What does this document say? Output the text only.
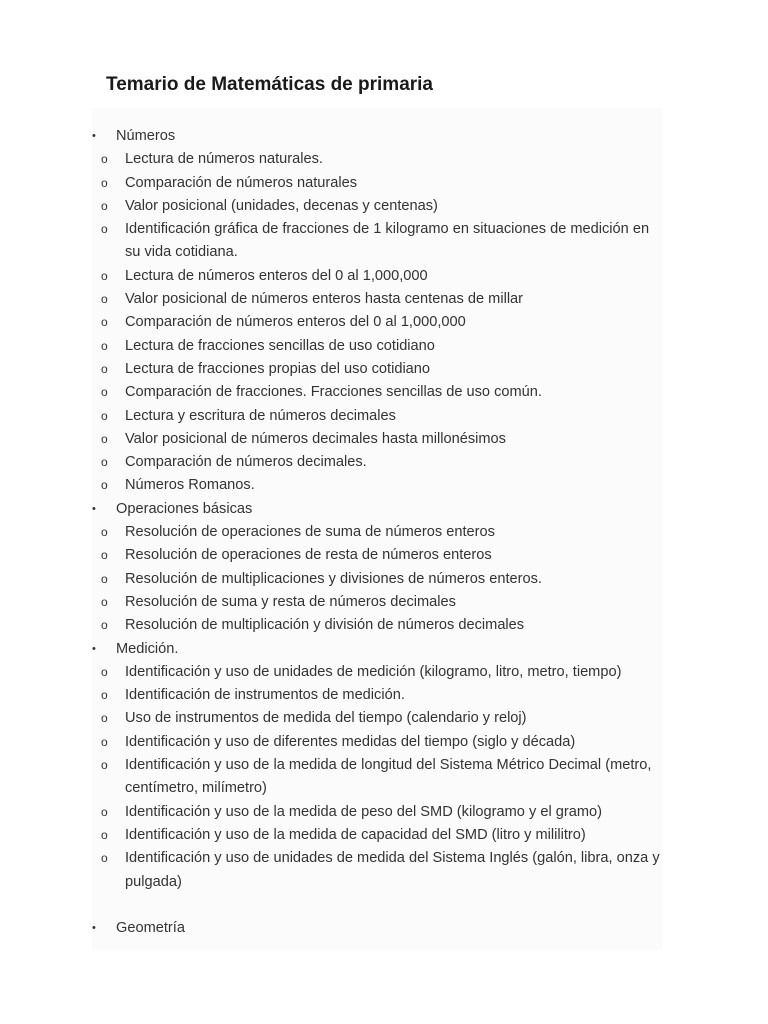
Temario de Matemáticas de primaria
•	Números
o Lectura de números naturales.
o Comparación de números naturales
o Valor posicional (unidades, decenas y centenas)
o Identificación gráfica de fracciones de 1 kilogramo en situaciones de medición en su vida cotidiana.
o Lectura de números enteros del 0 al 1,000,000
o Valor posicional de números enteros hasta centenas de millar
o Comparación de números enteros del 0 al 1,000,000
o Lectura de fracciones sencillas de uso cotidiano
o Lectura de fracciones propias del uso cotidiano
o Comparación de fracciones. Fracciones sencillas de uso común.
o Lectura y escritura de números decimales
o Valor posicional de números decimales hasta millonésimos
o Comparación de números decimales.
o Números Romanos.
•	Operaciones básicas
o Resolución de operaciones de suma de números enteros
o Resolución de operaciones de resta de números enteros
o Resolución de multiplicaciones y divisiones de números enteros.
o Resolución de suma y resta de números decimales
o Resolución de multiplicación y división de números decimales
•	Medición.
o Identificación y uso de unidades de medición (kilogramo, litro, metro, tiempo)
o Identificación de instrumentos de medición.
o Uso de instrumentos de medida del tiempo (calendario y reloj)
o Identificación y uso de diferentes medidas del tiempo (siglo y década)
o Identificación y uso de la medida de longitud del Sistema Métrico Decimal (metro, centímetro, milímetro)
o Identificación y uso de la medida de peso del SMD (kilogramo y el gramo)
o Identificación y uso de la medida de capacidad del SMD (litro y mililitro)
o Identificación y uso de unidades de medida del Sistema Inglés (galón, libra, onza y pulgada)
•	Geometría
